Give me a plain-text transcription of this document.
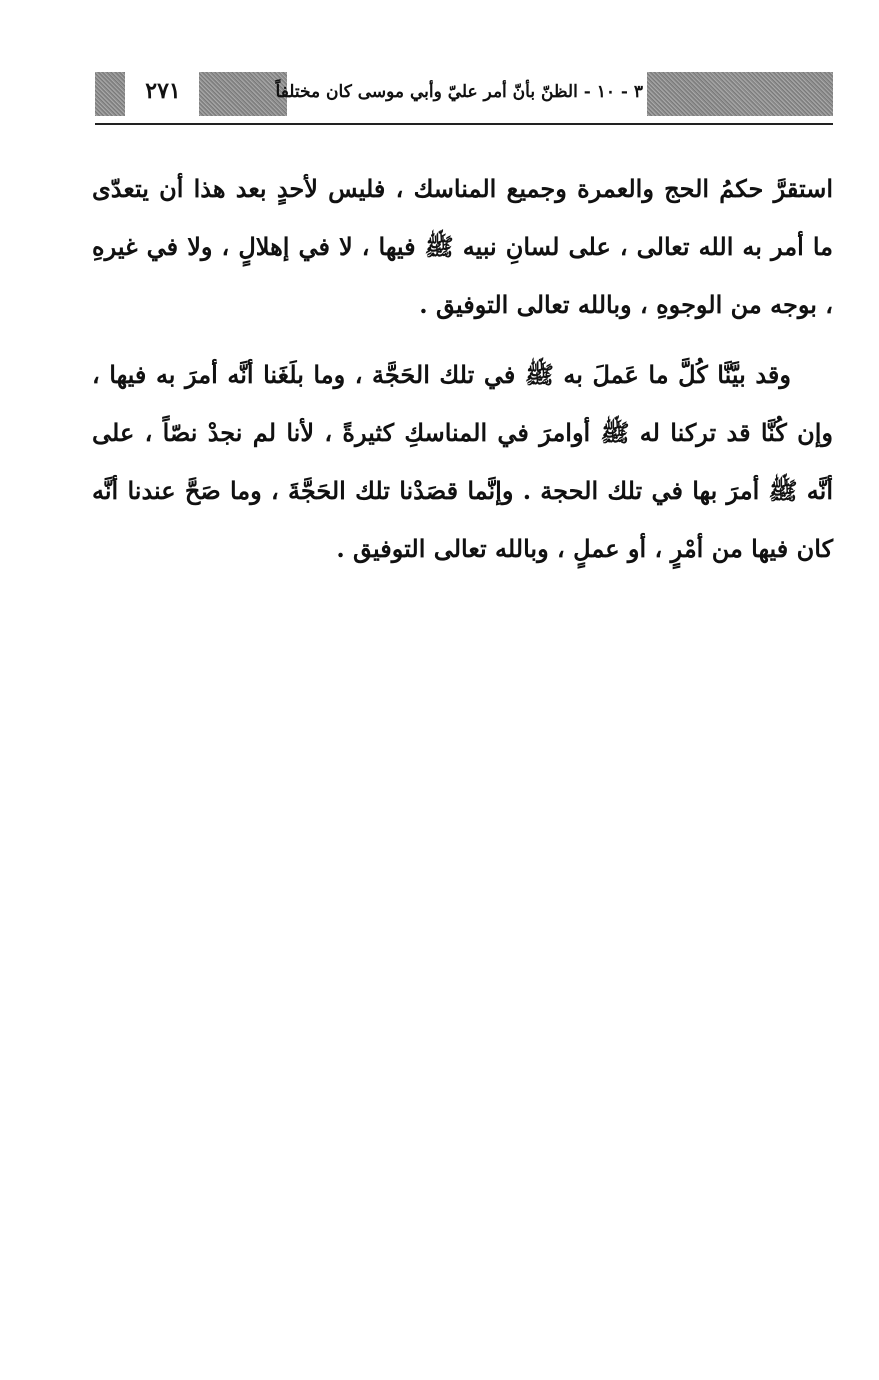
٢٧١	٣ - ١٠ - الظنّ بأنّ أمر عليّ وأبي موسى كان مختلفاً

استقرَّ حكمُ الحج والعمرة وجميع المناسك ، فليس لأحدٍ بعد هذا أن يتعدّى ما أمر به الله تعالى ، على لسانِ نبيه ﷺ فيها ، لا في إهلالٍ ، ولا في غيرهِ ، بوجه من الوجوهِ ، وبالله تعالى التوفيق .

وقد بيَّنَّا كُلَّ ما عَملَ به ﷺ في تلك الحَجَّة ، وما بلَغَنا أنَّه أمرَ به فيها ، وإن كُنَّا قد تركنا له ﷺ أوامرَ في المناسكِ كثيرةً ، لأنا لم نجدْ نصّاً ، على أنَّه ﷺ أمرَ بها في تلك الحجة . وإنَّما قصَدْنا تلك الحَجَّةَ ، وما صَحَّ عندنا أنَّه كان فيها من أمْرٍ ، أو عملٍ ، وبالله تعالى التوفيق .
